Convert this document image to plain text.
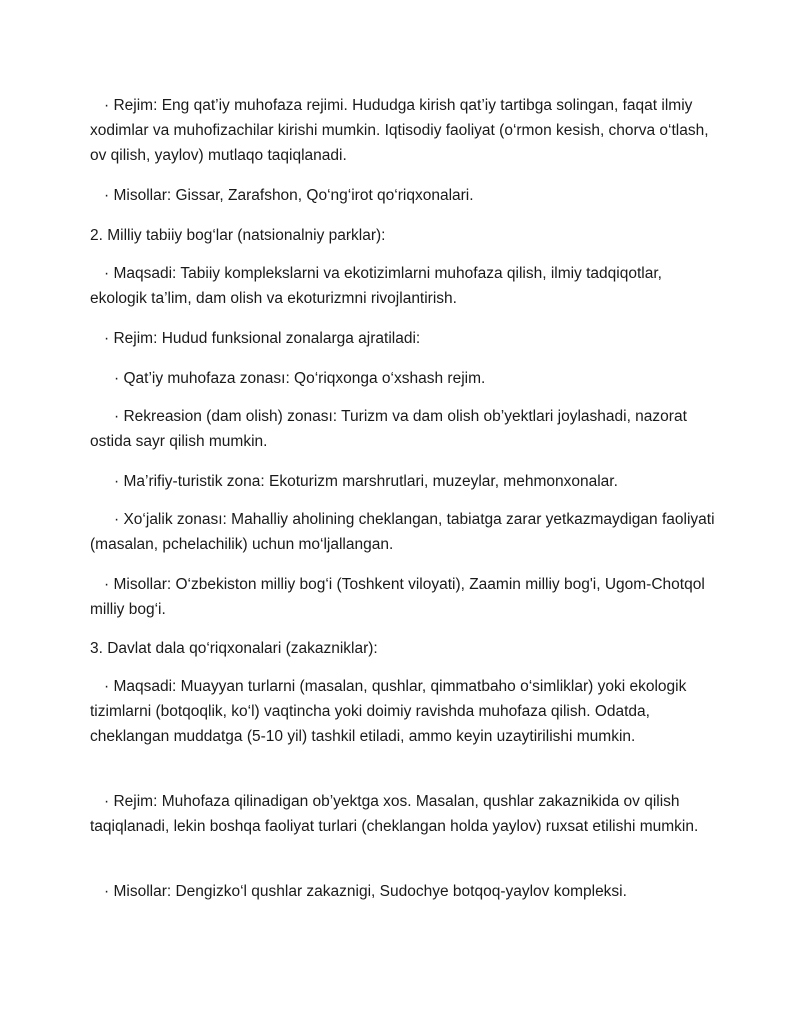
· Rejim: Eng qat’iy muhofaza rejimi. Hududga kirish qat’iy tartibga solingan, faqat ilmiy xodimlar va muhofizachilar kirishi mumkin. Iqtisodiy faoliyat (o‘rmon kesish, chorva o‘tlash, ov qilish, yaylov) mutlaqo taqiqlanadi.

· Misollar: Gissar, Zarafshon, Qo‘ng‘irot qo‘riqxonalari.

2. Milliy tabiiy bog‘lar (natsionalniy parklar):

· Maqsadi: Tabiiy komplekslarni va ekotizimlarni muhofaza qilish, ilmiy tadqiqotlar, ekologik ta’lim, dam olish va ekoturizmni rivojlantirish.

· Rejim: Hudud funksional zonalarga ajratiladi:

· Qat’iy muhofaza zonası: Qo‘riqxonga o‘xshash rejim.

· Rekreasion (dam olish) zonası: Turizm va dam olish ob’yektlari joylashadi, nazorat ostida sayr qilish mumkin.

· Ma’rifiy-turistik zona: Ekoturizm marshrutlari, muzeylar, mehmonxonalar.

· Xo‘jalik zonası: Mahalliy aholining cheklangan, tabiatga zarar yetkazmaydigan faoliyati (masalan, pchelachilik) uchun mo‘ljallangan.

· Misollar: O‘zbekiston milliy bog‘i (Toshkent viloyati), Zaamin milliy bog'i, Ugom-Chotqol milliy bog‘i.

3. Davlat dala qo‘riqxonalari (zakazniklar):

· Maqsadi: Muayyan turlarni (masalan, qushlar, qimmatbaho o‘simliklar) yoki ekologik tizimlarni (botqoqlik, ko‘l) vaqtincha yoki doimiy ravishda muhofaza qilish. Odatda, cheklangan muddatga (5-10 yil) tashkil etiladi, ammo keyin uzaytirilishi mumkin.

· Rejim: Muhofaza qilinadigan ob’yektga xos. Masalan, qushlar zakaznikida ov qilish taqiqlanadi, lekin boshqa faoliyat turlari (cheklangan holda yaylov) ruxsat etilishi mumkin.

· Misollar: Dengizko‘l qushlar zakaznigi, Sudochye botqoq-yaylov kompleksi.
